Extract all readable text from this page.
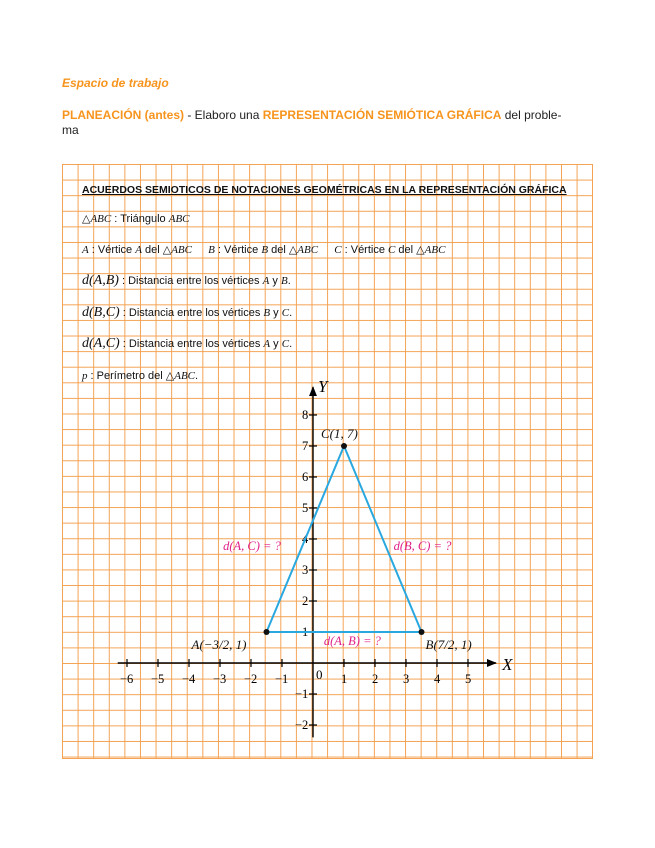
Espacio de trabajo
PLANEACIÓN (antes) - Elaboro una REPRESENTACIÓN SEMIÓTICA GRÁFICA del proble-
ma
ACUERDOS SEMIOTICOS DE NOTACIONES GEOMÉTRICAS EN LA REPRESENTACIÓN GRÁFICA
△ABC : Triángulo ABC
A : Vértice A del △ABC B : Vértice B del △ABC C : Vértice C del △ABC
d(A,B) : Distancia entre los vértices A y B.
d(B,C) : Distancia entre los vértices B y C.
d(A,C) : Distancia entre los vértices A y C.
p : Perímetro del △ABC.
−6 −5 −4 −3 −2 −1	1 2 3 4 5
−2
−1
1
2
3
4
5
6
7
8
X
Y
0
A(−3/2, 1)	B(7/2, 1)
C(1, 7)
d(A, B) = ?
d(A, C) = ?	d(B, C) = ?
